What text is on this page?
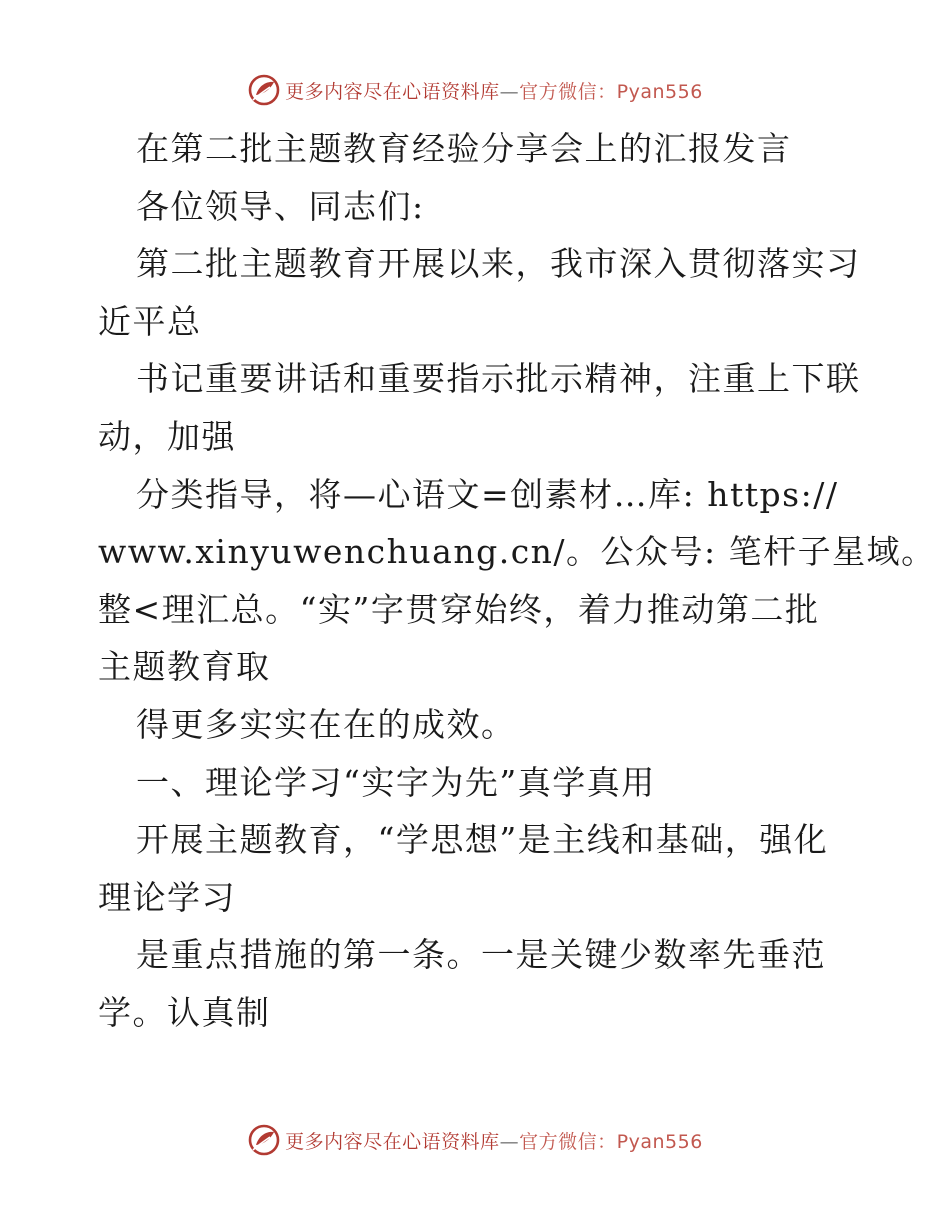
更多内容尽在心语资料库—官方微信：Pyan556
在第二批主题教育经验分享会上的汇报发言
各位领导、同志们:
第二批主题教育开展以来，我市深入贯彻落实习
近平总
书记重要讲话和重要指示批示精神，注重上下联
动，加强
分类指导，将—心语文=创素材…库: https://
www.xinyuwenchuang.cn/。公众号: 笔杆子星域。
整<理汇总。“实”字贯穿始终，着力推动第二批
主题教育取
得更多实实在在的成效。
一、理论学习“实字为先”真学真用
开展主题教育，“学思想”是主线和基础，强化
理论学习
是重点措施的第一条。一是关键少数率先垂范
学。认真制
更多内容尽在心语资料库—官方微信：Pyan556
